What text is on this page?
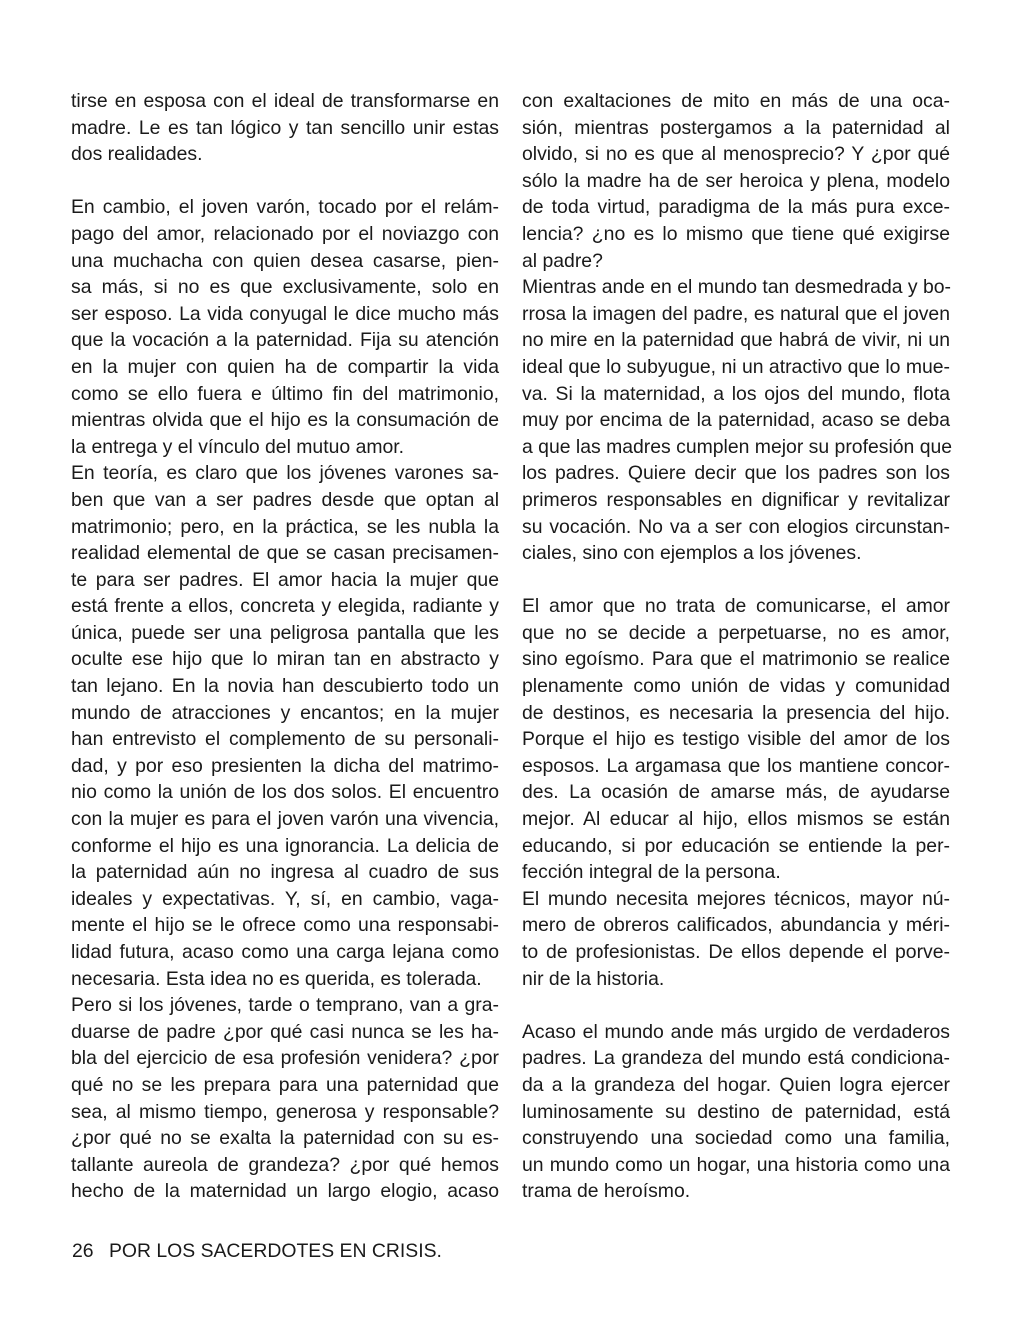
tirse en esposa con el ideal de transformarse en
madre. Le es tan lógico y tan sencillo unir estas
dos realidades.
En cambio, el joven varón, tocado por el relám-
pago del amor, relacionado por el noviazgo con
una muchacha con quien desea casarse, pien-
sa más, si no es que exclusivamente, solo en
ser esposo. La vida conyugal le dice mucho más
que la vocación a la paternidad. Fija su atención
en la mujer con quien ha de compartir la vida
como se ello fuera e último fin del matrimonio,
mientras olvida que el hijo es la consumación de
la entrega y el vínculo del mutuo amor.
En teoría, es claro que los jóvenes varones sa-
ben que van a ser padres desde que optan al
matrimonio; pero, en la práctica, se les nubla la
realidad elemental de que se casan precisamen-
te para ser padres. El amor hacia la mujer que
está frente a ellos, concreta y elegida, radiante y
única, puede ser una peligrosa pantalla que les
oculte ese hijo que lo miran tan en abstracto y
tan lejano. En la novia han descubierto todo un
mundo de atracciones y encantos; en la mujer
han entrevisto el complemento de su personali-
dad, y por eso presienten la dicha del matrimo-
nio como la unión de los dos solos. El encuentro
con la mujer es para el joven varón una vivencia,
conforme el hijo es una ignorancia. La delicia de
la paternidad aún no ingresa al cuadro de sus
ideales y expectativas. Y, sí, en cambio, vaga-
mente el hijo se le ofrece como una responsabi-
lidad futura, acaso como una carga lejana como
necesaria. Esta idea no es querida, es tolerada.
Pero si los jóvenes, tarde o temprano, van a gra-
duarse de padre ¿por qué casi nunca se les ha-
bla del ejercicio de esa profesión venidera? ¿por
qué no se les prepara para una paternidad que
sea, al mismo tiempo, generosa y responsable?
¿por qué no se exalta la paternidad con su es-
tallante aureola de grandeza? ¿por qué hemos
hecho de la maternidad un largo elogio, acaso
con exaltaciones de mito en más de una oca-
sión, mientras postergamos a la paternidad al
olvido, si no es que al menosprecio? Y ¿por qué
sólo la madre ha de ser heroica y plena, modelo
de toda virtud, paradigma de la más pura exce-
lencia? ¿no es lo mismo que tiene qué exigirse
al padre?
Mientras ande en el mundo tan desmedrada y bo-
rrosa la imagen del padre, es natural que el joven
no mire en la paternidad que habrá de vivir, ni un
ideal que lo subyugue, ni un atractivo que lo mue-
va. Si la maternidad, a los ojos del mundo, flota
muy por encima de la paternidad, acaso se deba
a que las madres cumplen mejor su profesión que
los padres. Quiere decir que los padres son los
primeros responsables en dignificar y revitalizar
su vocación. No va a ser con elogios circunstan-
ciales, sino con ejemplos a los jóvenes.
El amor que no trata de comunicarse, el amor
que no se decide a perpetuarse, no es amor,
sino egoísmo. Para que el matrimonio se realice
plenamente como unión de vidas y comunidad
de destinos, es necesaria la presencia del hijo.
Porque el hijo es testigo visible del amor de los
esposos. La argamasa que los mantiene concor-
des. La ocasión de amarse más, de ayudarse
mejor. Al educar al hijo, ellos mismos se están
educando, si por educación se entiende la per-
fección integral de la persona.
El mundo necesita mejores técnicos, mayor nú-
mero de obreros calificados, abundancia y méri-
to de profesionistas. De ellos depende el porve-
nir de la historia.
Acaso el mundo ande más urgido de verdaderos
padres. La grandeza del mundo está condiciona-
da a la grandeza del hogar. Quien logra ejercer
luminosamente su destino de paternidad, está
construyendo una sociedad como una familia,
un mundo como un hogar, una historia como una
trama de heroísmo.
26 POR LOS SACERDOTES EN CRISIS.
